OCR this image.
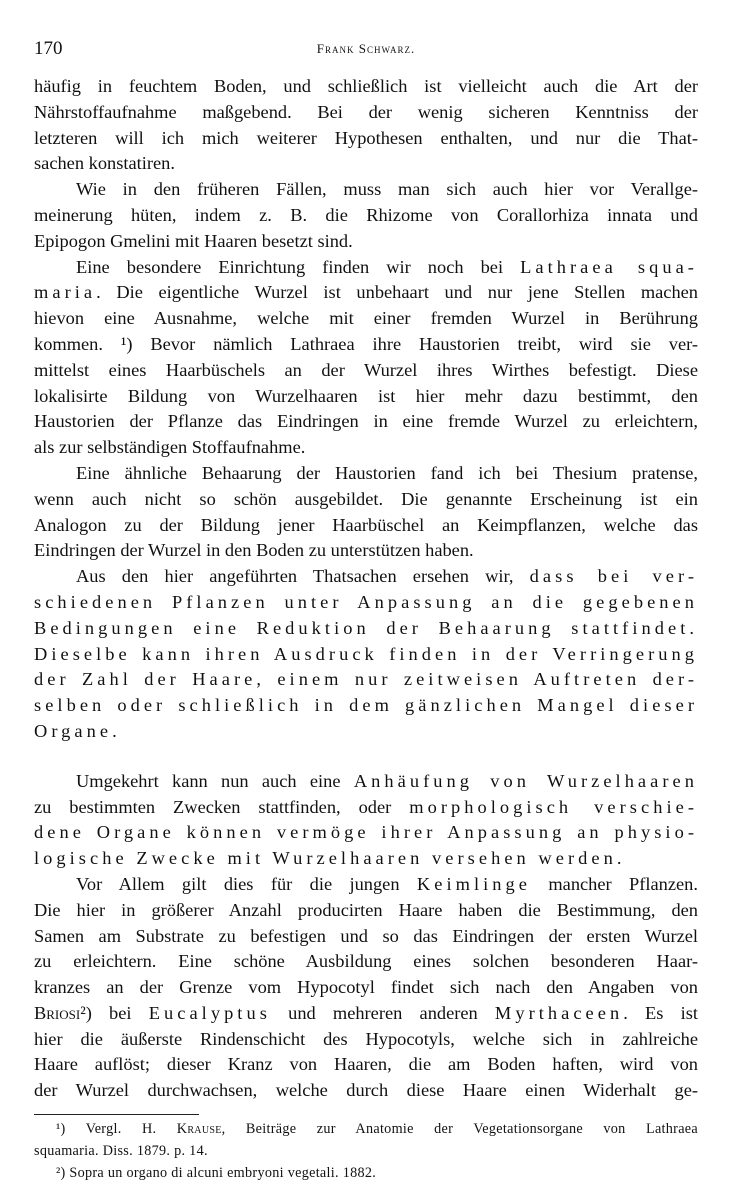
170	Frank Schwarz.
häufig in feuchtem Boden, und schließlich ist vielleicht auch die Art der
Nährstoffaufnahme maßgebend. Bei der wenig sicheren Kenntniss der
letzteren will ich mich weiterer Hypothesen enthalten, und nur die That-
sachen konstatiren.
Wie in den früheren Fällen, muss man sich auch hier vor Verallge-
meinerung hüten, indem z. B. die Rhizome von Corallorhiza innata und
Epipogon Gmelini mit Haaren besetzt sind.
Eine besondere Einrichtung finden wir noch bei Lathraea squa-
maria. Die eigentliche Wurzel ist unbehaart und nur jene Stellen machen
hievon eine Ausnahme, welche mit einer fremden Wurzel in Berührung
kommen. ¹) Bevor nämlich Lathraea ihre Haustorien treibt, wird sie ver-
mittelst eines Haarbüschels an der Wurzel ihres Wirthes befestigt. Diese
lokalisirte Bildung von Wurzelhaaren ist hier mehr dazu bestimmt, den
Haustorien der Pflanze das Eindringen in eine fremde Wurzel zu erleichtern,
als zur selbständigen Stoffaufnahme.
Eine ähnliche Behaarung der Haustorien fand ich bei Thesium pratense,
wenn auch nicht so schön ausgebildet. Die genannte Erscheinung ist ein
Analogon zu der Bildung jener Haarbüschel an Keimpflanzen, welche das
Eindringen der Wurzel in den Boden zu unterstützen haben.
Aus den hier angeführten Thatsachen ersehen wir, dass bei ver-
schiedenen Pflanzen unter Anpassung an die gegebenen
Bedingungen eine Reduktion der Behaarung stattfindet.
Dieselbe kann ihren Ausdruck finden in der Verringerung
der Zahl der Haare, einem nur zeitweisen Auftreten der-
selben oder schließlich in dem gänzlichen Mangel dieser
Organe.
Umgekehrt kann nun auch eine Anhäufung von Wurzelhaaren
zu bestimmten Zwecken stattfinden, oder morphologisch verschie-
dene Organe können vermöge ihrer Anpassung an physio-
logische Zwecke mit Wurzelhaaren versehen werden.
Vor Allem gilt dies für die jungen Keimlinge mancher Pflanzen.
Die hier in größerer Anzahl producirten Haare haben die Bestimmung, den
Samen am Substrate zu befestigen und so das Eindringen der ersten Wurzel
zu erleichtern. Eine schöne Ausbildung eines solchen besonderen Haar-
kranzes an der Grenze vom Hypocotyl findet sich nach den Angaben von
Briosi²) bei Eucalyptus und mehreren anderen Myrthaceen. Es ist
hier die äußerste Rindenschicht des Hypocotyls, welche sich in zahlreiche
Haare auflöst; dieser Kranz von Haaren, die am Boden haften, wird von
der Wurzel durchwachsen, welche durch diese Haare einen Widerhalt ge-
¹) Vergl. H. Krause, Beiträge zur Anatomie der Vegetationsorgane von Lathraea
squamaria. Diss. 1879. p. 14.
²) Sopra un organo di alcuni embryoni vegetali. 1882.
